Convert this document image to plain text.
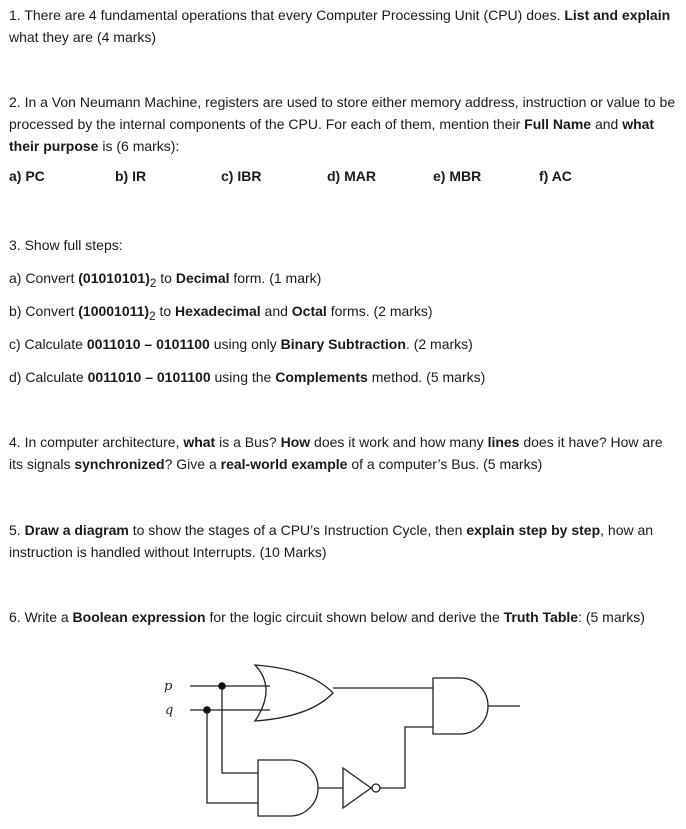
1. There are 4 fundamental operations that every Computer Processing Unit (CPU) does. List and explain what they are (4 marks)
2. In a Von Neumann Machine, registers are used to store either memory address, instruction or value to be processed by the internal components of the CPU. For each of them, mention their Full Name and what their purpose is (6 marks):
a) PC	b) IR	c) IBR	d) MAR	e) MBR	f) AC
3. Show full steps:
a) Convert $(01010101)_2$ to Decimal form. (1 mark)
b) Convert $(10001011)_2$ to Hexadecimal and Octal forms. (2 marks)
c) Calculate 0011010 – 0101100 using only Binary Subtraction. (2 marks)
d) Calculate 0011010 – 0101100 using the Complements method. (5 marks)
4. In computer architecture, what is a Bus? How does it work and how many lines does it have? How are its signals synchronized? Give a real-world example of a computer’s Bus. (5 marks)
5. Draw a diagram to show the stages of a CPU’s Instruction Cycle, then explain step by step, how an instruction is handled without Interrupts. (10 Marks)
6. Write a Boolean expression for the logic circuit shown below and derive the Truth Table: (5 marks)
p
q
